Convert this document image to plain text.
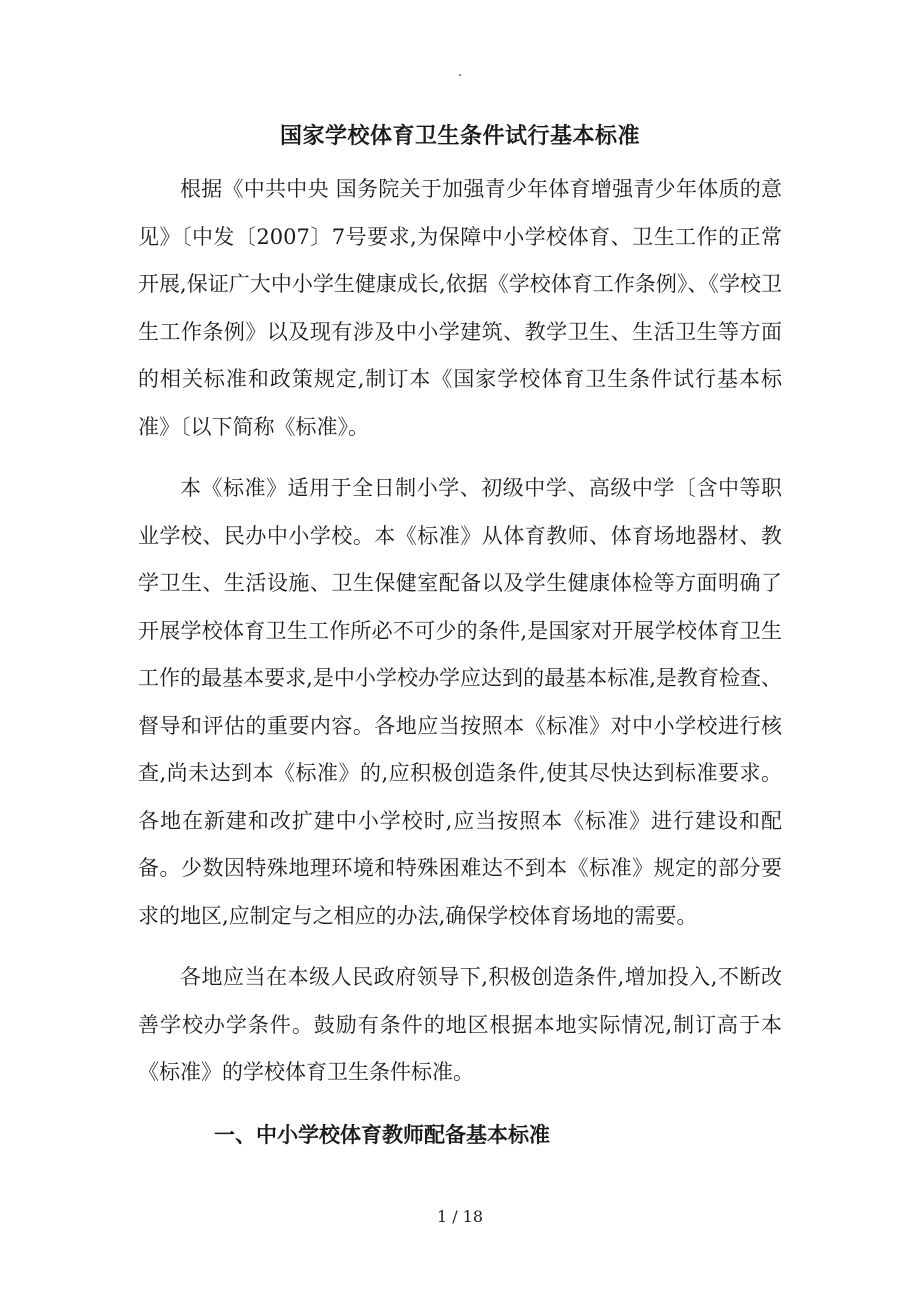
.
国家学校体育卫生条件试行基本标准

根据《中共中央 国务院关于加强青少年体育增强青少年体质的意见》〔中发〔2007〕7号要求,为保障中小学校体育、卫生工作的正常开展,保证广大中小学生健康成长,依据《学校体育工作条例》、《学校卫生工作条例》以及现有涉及中小学建筑、教学卫生、生活卫生等方面的相关标准和政策规定,制订本《国家学校体育卫生条件试行基本标准》〔以下简称《标准》。

本《标准》适用于全日制小学、初级中学、高级中学〔含中等职业学校、民办中小学校。本《标准》从体育教师、体育场地器材、教学卫生、生活设施、卫生保健室配备以及学生健康体检等方面明确了开展学校体育卫生工作所必不可少的条件,是国家对开展学校体育卫生工作的最基本要求,是中小学校办学应达到的最基本标准,是教育检查、督导和评估的重要内容。各地应当按照本《标准》对中小学校进行核查,尚未达到本《标准》的,应积极创造条件,使其尽快达到标准要求。各地在新建和改扩建中小学校时,应当按照本《标准》进行建设和配备。少数因特殊地理环境和特殊困难达不到本《标准》规定的部分要求的地区,应制定与之相应的办法,确保学校体育场地的需要。

各地应当在本级人民政府领导下,积极创造条件,增加投入,不断改善学校办学条件。鼓励有条件的地区根据本地实际情况,制订高于本《标准》的学校体育卫生条件标准。

一、中小学校体育教师配备基本标准
1 / 18
